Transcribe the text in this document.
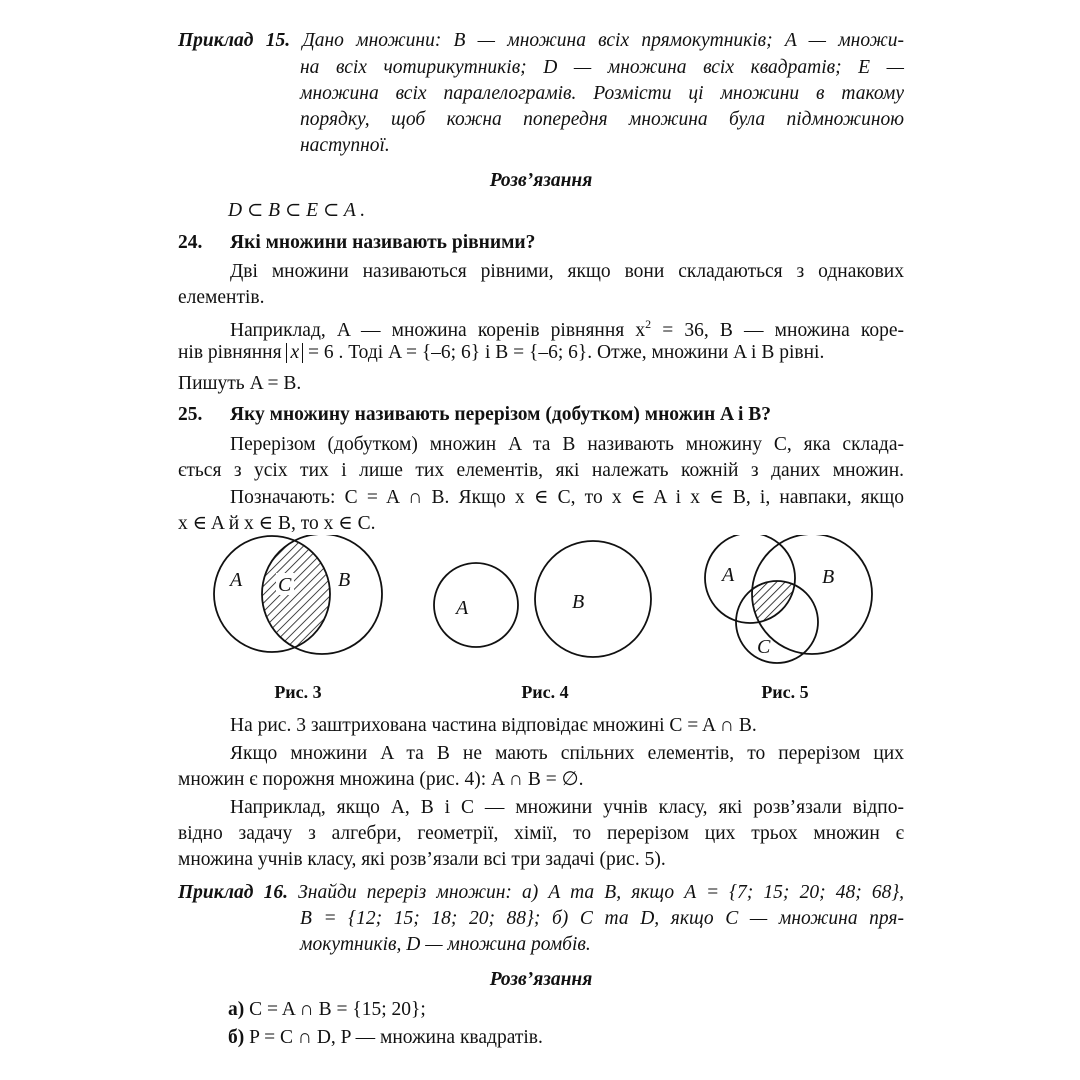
Приклад 15. Дано множини: B — множина всіх прямокутників; A — множи-
на всіх чотирикутників; D — множина всіх квадратів; E —
множина всіх паралелограмів. Розмісти ці множини в такому
порядку, щоб кожна попередня множина була підмножиною
наступної.
Розв’язання
D ⊂ B ⊂ E ⊂ A .
24. Які множини називають рівними?
Дві множини називаються рівними, якщо вони складаються з однакових
елементів.
Наприклад, A — множина коренів рівняння $x^2 = 36$, B — множина коре-
нів рівняння x = 6 . Тоді A = {–6; 6} і B = {–6; 6}. Отже, множини A і B рівні.
Пишуть A = B.
25. Яку множину називають перерізом (добутком) множин A і B?
Перерізом (добутком) множин A та B називають множину C, яка склада-
ється з усіх тих і лише тих елементів, які належать кожній з даних множин.
Позначають: C = A ∩ B. Якщо x ∈ C, то x ∈ A і x ∈ B, і, навпаки, якщо
x ∈ A й x ∈ B, то x ∈ C.
A C B
A	B
A	B
C
Рис. 3	Рис. 4	Рис. 5
На рис. 3 заштрихована частина відповідає множині C = A ∩ B.
Якщо множини A та B не мають спільних елементів, то перерізом цих
множин є порожня множина (рис. 4): A ∩ B = ∅.
Наприклад, якщо A, B і C — множини учнів класу, які розв’язали відпо-
відно задачу з алгебри, геометрії, хімії, то перерізом цих трьох множин є
множина учнів класу, які розв’язали всі три задачі (рис. 5).
Приклад 16. Знайди переріз множин: а) A та B, якщо A = {7; 15; 20; 48; 68},
B = {12; 15; 18; 20; 88}; б) C та D, якщо C — множина пря-
мокутників, D — множина ромбів.
Розв’язання
а) C = A ∩ B = {15; 20};
б) P = C ∩ D, P — множина квадратів.
